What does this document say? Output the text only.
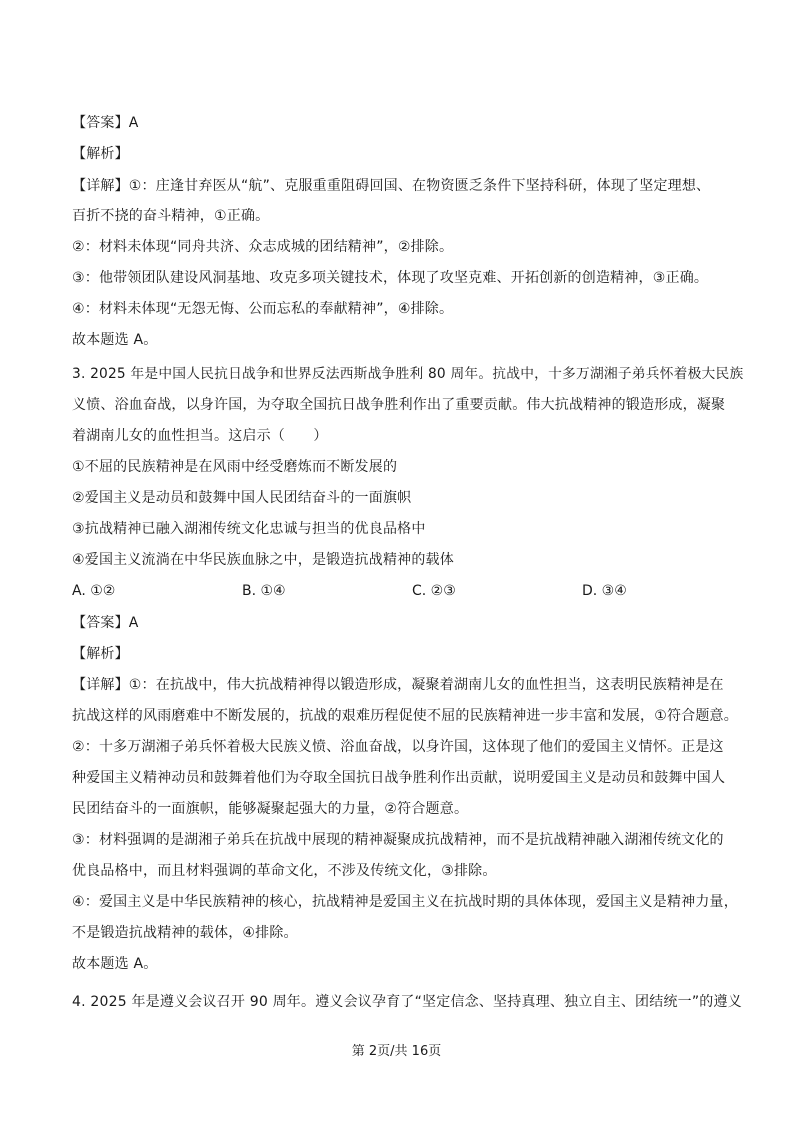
【答案】A
【解析】
【详解】①：庄逢甘弃医从“航”、克服重重阻碍回国、在物资匮乏条件下坚持科研，体现了坚定理想、
百折不挠的奋斗精神，①正确。
②：材料未体现“同舟共济、众志成城的团结精神”，②排除。
③：他带领团队建设风洞基地、攻克多项关键技术，体现了攻坚克难、开拓创新的创造精神，③正确。
④：材料未体现“无怨无悔、公而忘私的奉献精神”，④排除。
故本题选 A。
3. 2025 年是中国人民抗日战争和世界反法西斯战争胜利 80 周年。抗战中，十多万湖湘子弟兵怀着极大民族
义愤、浴血奋战，以身许国，为夺取全国抗日战争胜利作出了重要贡献。伟大抗战精神的锻造形成，凝聚
着湖南儿女的血性担当。这启示（　　）
①不屈的民族精神是在风雨中经受磨炼而不断发展的
②爱国主义是动员和鼓舞中国人民团结奋斗的一面旗帜
③抗战精神已融入湖湘传统文化忠诚与担当的优良品格中
④爱国主义流淌在中华民族血脉之中，是锻造抗战精神的载体
A. ①②	B. ①④	C. ②③	D. ③④
【答案】A
【解析】
【详解】①：在抗战中，伟大抗战精神得以锻造形成，凝聚着湖南儿女的血性担当，这表明民族精神是在
抗战这样的风雨磨难中不断发展的，抗战的艰难历程促使不屈的民族精神进一步丰富和发展，①符合题意。
②：十多万湖湘子弟兵怀着极大民族义愤、浴血奋战，以身许国，这体现了他们的爱国主义情怀。正是这
种爱国主义精神动员和鼓舞着他们为夺取全国抗日战争胜利作出贡献，说明爱国主义是动员和鼓舞中国人
民团结奋斗的一面旗帜，能够凝聚起强大的力量，②符合题意。
③：材料强调的是湖湘子弟兵在抗战中展现的精神凝聚成抗战精神，而不是抗战精神融入湖湘传统文化的
优良品格中，而且材料强调的革命文化，不涉及传统文化，③排除。
④：爱国主义是中华民族精神的核心，抗战精神是爱国主义在抗战时期的具体体现，爱国主义是精神力量，
不是锻造抗战精神的载体，④排除。
故本题选 A。
4. 2025 年是遵义会议召开 90 周年。遵义会议孕育了“坚定信念、坚持真理、独立自主、团结统一”的遵义
第 2页/共 16页
